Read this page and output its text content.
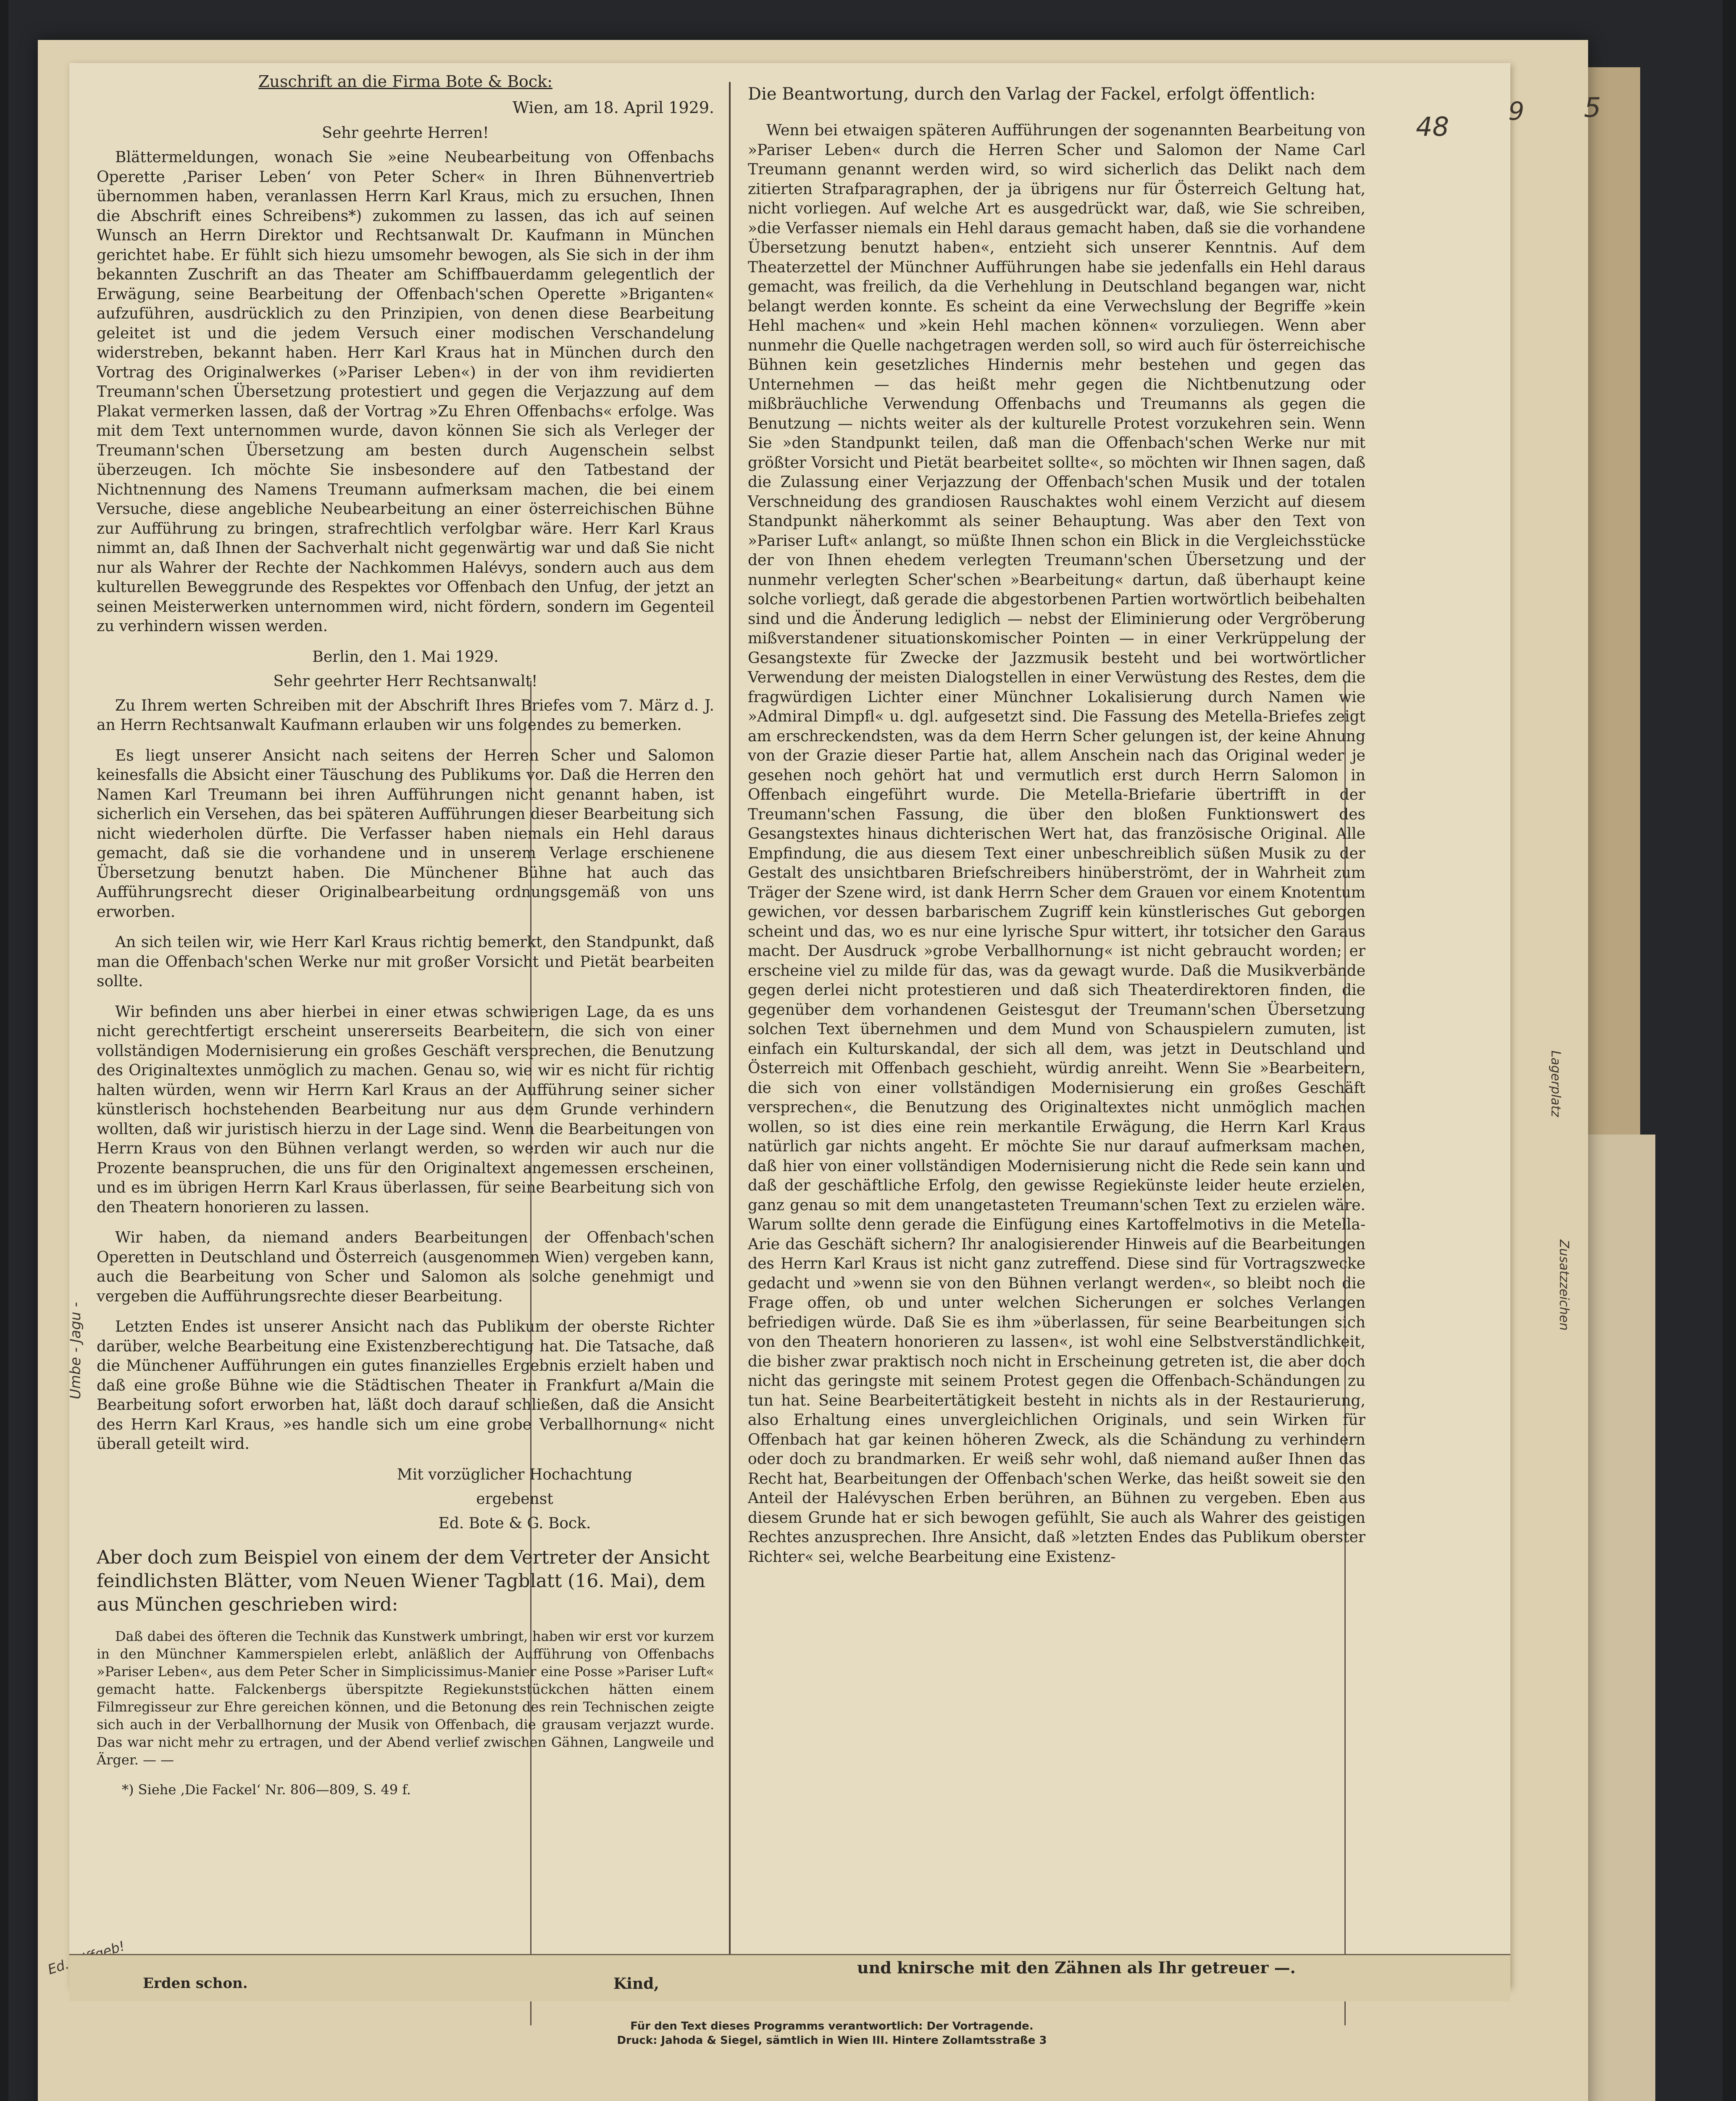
48 9 5
Lagerplatz
Zusatzzeichen
Umbe - Jagu -
Ed.
Zuschrift an die Firma Bote & Bock:
Wien, am 18. April 1929.
Sehr geehrte Herren!

Blättermeldungen, wonach Sie »eine Neubearbeitung von Offenbachs Operette ‚Pariser Leben‘ von Peter Scher« in Ihren Bühnenvertrieb übernommen haben, veranlassen Herrn Karl Kraus, mich zu ersuchen, Ihnen die Abschrift eines Schreibens*) zukommen zu lassen, das ich auf seinen Wunsch an Herrn Direktor und Rechtsanwalt Dr. Kaufmann in München gerichtet habe. Er fühlt sich hiezu umsomehr bewogen, als Sie sich in der ihm bekannten Zuschrift an das Theater am Schiffbauerdamm gelegentlich der Erwägung, seine Bearbeitung der Offenbach'schen Operette »Briganten« aufzuführen, ausdrücklich zu den Prinzipien, von denen diese Bearbeitung geleitet ist und die jedem Versuch einer modischen Verschandelung widerstreben, bekannt haben. Herr Karl Kraus hat in München durch den Vortrag des Originalwerkes (»Pariser Leben«) in der von ihm revidierten Treumann'schen Übersetzung protestiert und gegen die Verjazzung auf dem Plakat vermerken lassen, daß der Vortrag »Zu Ehren Offenbachs« erfolge. Was mit dem Text unternommen wurde, davon können Sie sich als Verleger der Treumann'schen Übersetzung am besten durch Augenschein selbst überzeugen. Ich möchte Sie insbesondere auf den Tatbestand der Nichtnennung des Namens Treumann aufmerksam machen, die bei einem Versuche, diese angebliche Neubearbeitung an einer österreichischen Bühne zur Aufführung zu bringen, strafrechtlich verfolgbar wäre. Herr Karl Kraus nimmt an, daß Ihnen der Sachverhalt nicht gegenwärtig war und daß Sie nicht nur als Wahrer der Rechte der Nachkommen Halévys, sondern auch aus dem kulturellen Beweggrunde des Respektes vor Offenbach den Unfug, der jetzt an seinen Meisterwerken unternommen wird, nicht fördern, sondern im Gegenteil zu verhindern wissen werden.

Berlin, den 1. Mai 1929.
Sehr geehrter Herr Rechtsanwalt!

Zu Ihrem werten Schreiben mit der Abschrift Ihres Briefes vom 7. März d. J. an Herrn Rechtsanwalt Kaufmann erlauben wir uns folgendes zu bemerken.

Es liegt unserer Ansicht nach seitens der Herren Scher und Salomon keinesfalls die Absicht einer Täuschung des Publikums vor. Daß die Herren den Namen Karl Treumann bei ihren Aufführungen nicht genannt haben, ist sicherlich ein Versehen, das bei späteren Aufführungen dieser Bearbeitung sich nicht wiederholen dürfte. Die Verfasser haben niemals ein Hehl daraus gemacht, daß sie die vorhandene und in unserem Verlage erschienene Übersetzung benutzt haben. Die Münchener Bühne hat auch das Aufführungsrecht dieser Originalbearbeitung ordnungsgemäß von uns erworben.

An sich teilen wir, wie Herr Karl Kraus richtig bemerkt, den Standpunkt, daß man die Offenbach'schen Werke nur mit großer Vorsicht und Pietät bearbeiten sollte.

Wir befinden uns aber hierbei in einer etwas schwierigen Lage, da es uns nicht gerechtfertigt erscheint unsererseits Bearbeitern, die sich von einer vollständigen Modernisierung ein großes Geschäft versprechen, die Benutzung des Originaltextes unmöglich zu machen. Genau so, wie wir es nicht für richtig halten würden, wenn wir Herrn Karl Kraus an der Aufführung seiner sicher künstlerisch hochstehenden Bearbeitung nur aus dem Grunde verhindern wollten, daß wir juristisch hierzu in der Lage sind. Wenn die Bearbeitungen von Herrn Kraus von den Bühnen verlangt werden, so werden wir auch nur die Prozente beanspruchen, die uns für den Originaltext angemessen erscheinen, und es im übrigen Herrn Karl Kraus überlassen, für seine Bearbeitung sich von den Theatern honorieren zu lassen.

Wir haben, da niemand anders Bearbeitungen der Offenbach'schen Operetten in Deutschland und Österreich (ausgenommen Wien) vergeben kann, auch die Bearbeitung von Scher und Salomon als solche genehmigt und vergeben die Aufführungsrechte dieser Bearbeitung.

Letzten Endes ist unserer Ansicht nach das Publikum der oberste Richter darüber, welche Bearbeitung eine Existenzberechtigung hat. Die Tatsache, daß die Münchener Aufführungen ein gutes finanzielles Ergebnis erzielt haben und daß eine große Bühne wie die Städtischen Theater in Frankfurt a/Main die Bearbeitung sofort erworben hat, läßt doch darauf schließen, daß die Ansicht des Herrn Karl Kraus, »es handle sich um eine grobe Verballhornung« nicht überall geteilt wird.

Mit vorzüglicher Hochachtung
ergebenst
Ed. Bote & G. Bock.

Aber doch zum Beispiel von einem der dem Vertreter der Ansicht feindlichsten Blätter, vom Neuen Wiener Tagblatt (16. Mai), dem aus München geschrieben wird:

Daß dabei des öfteren die Technik das Kunstwerk umbringt, haben wir erst vor kurzem in den Münchner Kammerspielen erlebt, anläßlich der Aufführung von Offenbachs »Pariser Leben«, aus dem Peter Scher in Simplicissimus-Manier eine Posse »Pariser Luft« gemacht hatte. Falckenbergs überspitzte Regiekunststückchen hätten einem Filmregisseur zur Ehre gereichen können, und die Betonung des rein Technischen zeigte sich auch in der Verballhornung der Musik von Offenbach, die grausam verjazzt wurde. Das war nicht mehr zu ertragen, und der Abend verlief zwischen Gähnen, Langweile und Ärger. — —

*) Siehe ‚Die Fackel‘ Nr. 806—809, S. 49 f.
Die Beantwortung, durch den Varlag der Fackel, erfolgt öffentlich:

Wenn bei etwaigen späteren Aufführungen der sogenannten Bearbeitung von »Pariser Leben« durch die Herren Scher und Salomon der Name Carl Treumann genannt werden wird, so wird sicherlich das Delikt nach dem zitierten Strafparagraphen, der ja übrigens nur für Österreich Geltung hat, nicht vorliegen. Auf welche Art es ausgedrückt war, daß, wie Sie schreiben, »die Verfasser niemals ein Hehl daraus gemacht haben, daß sie die vorhandene Übersetzung benutzt haben«, entzieht sich unserer Kenntnis. Auf dem Theaterzettel der Münchner Aufführungen habe sie jedenfalls ein Hehl daraus gemacht, was freilich, da die Verhehlung in Deutschland begangen war, nicht belangt werden konnte. Es scheint da eine Verwechslung der Begriffe »kein Hehl machen« und »kein Hehl machen können« vorzuliegen. Wenn aber nunmehr die Quelle nachgetragen werden soll, so wird auch für österreichische Bühnen kein gesetzliches Hindernis mehr bestehen und gegen das Unternehmen — das heißt mehr gegen die Nichtbenutzung oder mißbräuchliche Verwendung Offenbachs und Treumanns als gegen die Benutzung — nichts weiter als der kulturelle Protest vorzukehren sein. Wenn Sie »den Standpunkt teilen, daß man die Offenbach'schen Werke nur mit größter Vorsicht und Pietät bearbeitet sollte«, so möchten wir Ihnen sagen, daß die Zulassung einer Verjazzung der Offenbach'schen Musik und der totalen Verschneidung des grandiosen Rauschaktes wohl einem Verzicht auf diesem Standpunkt näherkommt als seiner Behauptung. Was aber den Text von »Pariser Luft« anlangt, so müßte Ihnen schon ein Blick in die Vergleichsstücke der von Ihnen ehedem verlegten Treumann'schen Übersetzung und der nunmehr verlegten Scher'schen »Bearbeitung« dartun, daß überhaupt keine solche vorliegt, daß gerade die abgestorbenen Partien wortwörtlich beibehalten sind und die Änderung lediglich — nebst der Eliminierung oder Vergröberung mißverstandener situationskomischer Pointen — in einer Verkrüppelung der Gesangstexte für Zwecke der Jazzmusik besteht und bei wortwörtlicher Verwendung der meisten Dialogstellen in einer Verwüstung des Restes, dem die fragwürdigen Lichter einer Münchner Lokalisierung durch Namen wie »Admiral Dimpfl« u. dgl. aufgesetzt sind. Die Fassung des Metella-Briefes zeigt am erschreckendsten, was da dem Herrn Scher gelungen ist, der keine Ahnung von der Grazie dieser Partie hat, allem Anschein nach das Original weder je gesehen noch gehört hat und vermutlich erst durch Herrn Salomon in Offenbach eingeführt wurde. Die Metella-Briefarie übertrifft in der Treumann'schen Fassung, die über den bloßen Funktionswert des Gesangstextes hinaus dichterischen Wert hat, das französische Original. Alle Empfindung, die aus diesem Text einer unbeschreiblich süßen Musik zu der Gestalt des unsichtbaren Briefschreibers hinüberströmt, der in Wahrheit zum Träger der Szene wird, ist dank Herrn Scher dem Grauen vor einem Knotentum gewichen, vor dessen barbarischem Zugriff kein künstlerisches Gut geborgen scheint und das, wo es nur eine lyrische Spur wittert, ihr totsicher den Garaus macht. Der Ausdruck »grobe Verballhornung« ist nicht gebraucht worden; er erscheine viel zu milde für das, was da gewagt wurde. Daß die Musikverbände gegen derlei nicht protestieren und daß sich Theaterdirektoren finden, die gegenüber dem vorhandenen Geistesgut der Treumann'schen Übersetzung solchen Text übernehmen und dem Mund von Schauspielern zumuten, ist einfach ein Kulturskandal, der sich all dem, was jetzt in Deutschland und Österreich mit Offenbach geschieht, würdig anreiht. Wenn Sie »Bearbeitern, die sich von einer vollständigen Modernisierung ein großes Geschäft versprechen«, die Benutzung des Originaltextes nicht unmöglich machen wollen, so ist dies eine rein merkantile Erwägung, die Herrn Karl Kraus natürlich gar nichts angeht. Er möchte Sie nur darauf aufmerksam machen, daß hier von einer vollständigen Modernisierung nicht die Rede sein kann und daß der geschäftliche Erfolg, den gewisse Regiekünste leider heute erzielen, ganz genau so mit dem unangetasteten Treumann'schen Text zu erzielen wäre. Warum sollte denn gerade die Einfügung eines Kartoffelmotivs in die Metella-Arie das Geschäft sichern? Ihr analogisierender Hinweis auf die Bearbeitungen des Herrn Karl Kraus ist nicht ganz zutreffend. Diese sind für Vortragszwecke gedacht und »wenn sie von den Bühnen verlangt werden«, so bleibt noch die Frage offen, ob und unter welchen Sicherungen er solches Verlangen befriedigen würde. Daß Sie es ihm »überlassen, für seine Bearbeitungen sich von den Theatern honorieren zu lassen«, ist wohl eine Selbstverständlichkeit, die bisher zwar praktisch noch nicht in Erscheinung getreten ist, die aber doch nicht das geringste mit seinem Protest gegen die Offenbach-Schändungen zu tun hat. Seine Bearbeitertätigkeit besteht in nichts als in der Restaurierung, also Erhaltung eines unvergleichlichen Originals, und sein Wirken für Offenbach hat gar keinen höheren Zweck, als die Schändung zu verhindern oder doch zu brandmarken. Er weiß sehr wohl, daß niemand außer Ihnen das Recht hat, Bearbeitungen der Offenbach'schen Werke, das heißt soweit sie den Anteil der Halévyschen Erben berühren, an Bühnen zu vergeben. Eben aus diesem Grunde hat er sich bewogen gefühlt, Sie auch als Wahrer des geistigen Rechtes anzusprechen. Ihre Ansicht, daß »letzten Endes das Publikum oberster Richter« sei, welche Bearbeitung eine Existenz-

Erden schon.	Kind,
und knirsche mit den Zähnen als Ihr getreuer —.
Für den Text dieses Programms verantwortlich: Der Vortragende.
Druck: Jahoda & Siegel, sämtlich in Wien III. Hintere Zollamtsstraße 3
